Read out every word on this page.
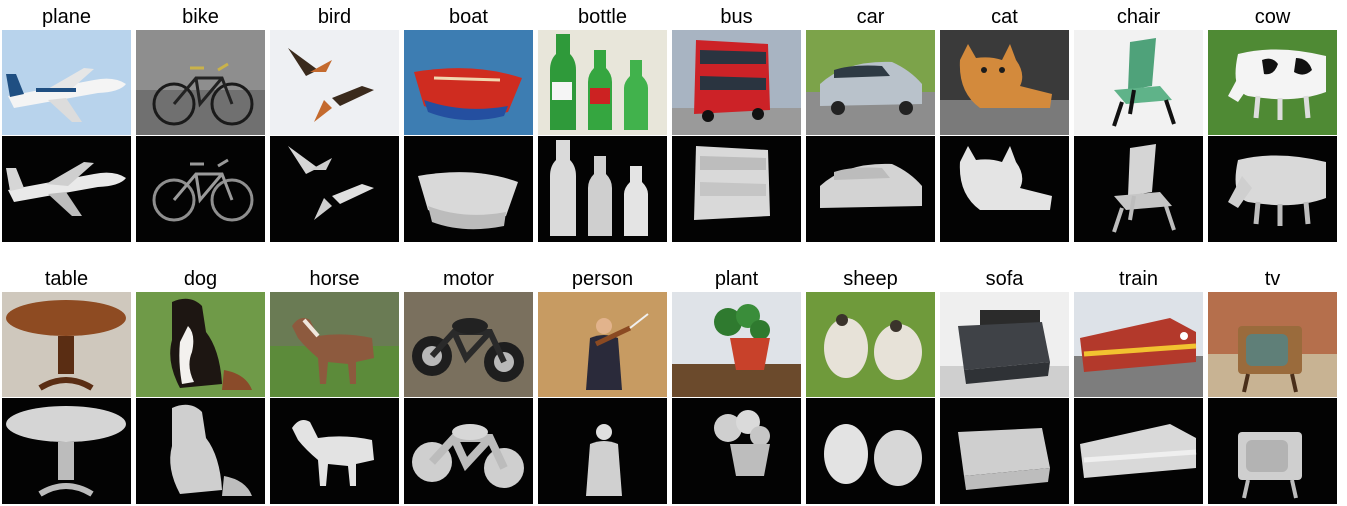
plane	bike	bird	boat	bottle	bus	car	cat	chair	cow
table	dog	horse	motor	person	plant	sheep	sofa	train	tv
